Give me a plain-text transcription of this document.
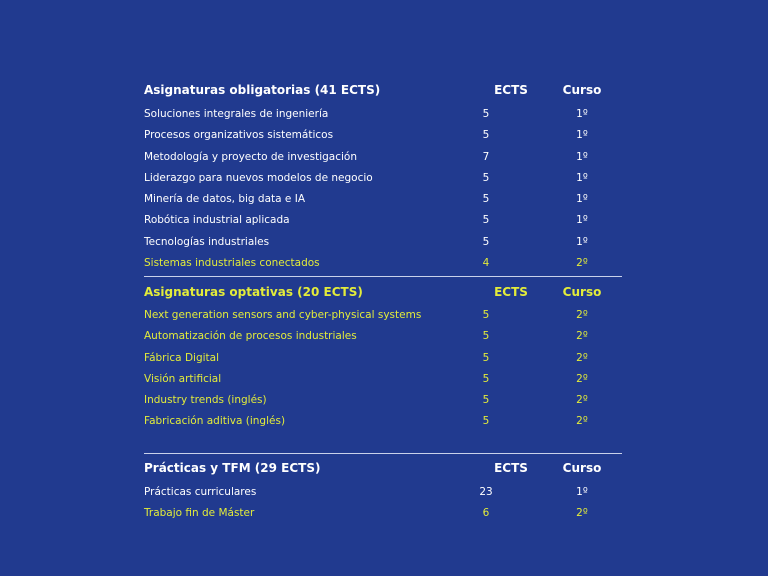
Asignaturas obligatorias (41 ECTS)	ECTS	Curso
Soluciones integrales de ingeniería	5	1º
Procesos organizativos sistemáticos	5	1º
Metodología y proyecto de investigación	7	1º
Liderazgo para nuevos modelos de negocio	5	1º
Minería de datos, big data e IA	5	1º
Robótica industrial aplicada	5	1º
Tecnologías industriales	5	1º
Sistemas industriales conectados	4	2º
Asignaturas optativas (20 ECTS)	ECTS	Curso
Next generation sensors and cyber-physical systems	5	2º
Automatización de procesos industriales	5	2º
Fábrica Digital	5	2º
Visión artificial	5	2º
Industry trends (inglés)	5	2º
Fabricación aditiva (inglés)	5	2º
Prácticas y TFM (29 ECTS)	ECTS	Curso
Prácticas curriculares	23	1º
Trabajo fin de Máster	6	2º
